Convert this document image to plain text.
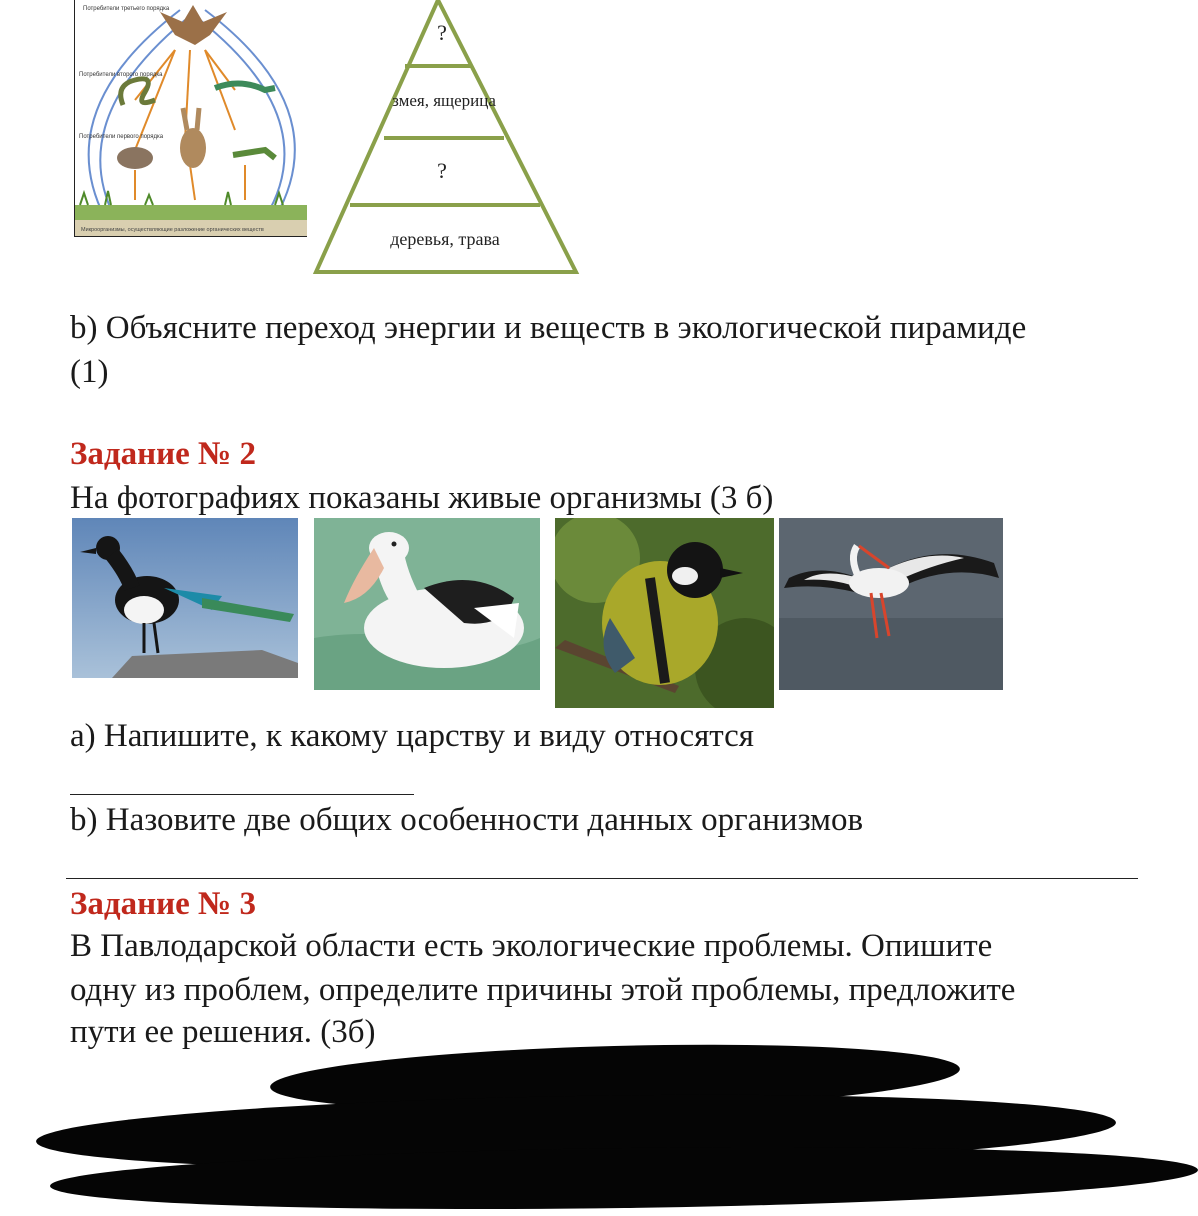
Потребители третьего порядка
Потребители второго порядка
Потребители первого порядка
Микроорганизмы, осуществляющие разложение органических веществ
?
змея, ящерица
?
деревья, трава
b) Объясните переход энергии и веществ в экологической пирамиде
(1)
Задание № 2
На фотографиях показаны живые организмы (3 б)
а) Напишите, к какому царству и виду относятся
b) Назовите две общих особенности данных организмов
Задание № 3
В Павлодарской области есть экологические проблемы. Опишите
одну из проблем, определите причины этой проблемы, предложите
пути ее решения. (3б)
